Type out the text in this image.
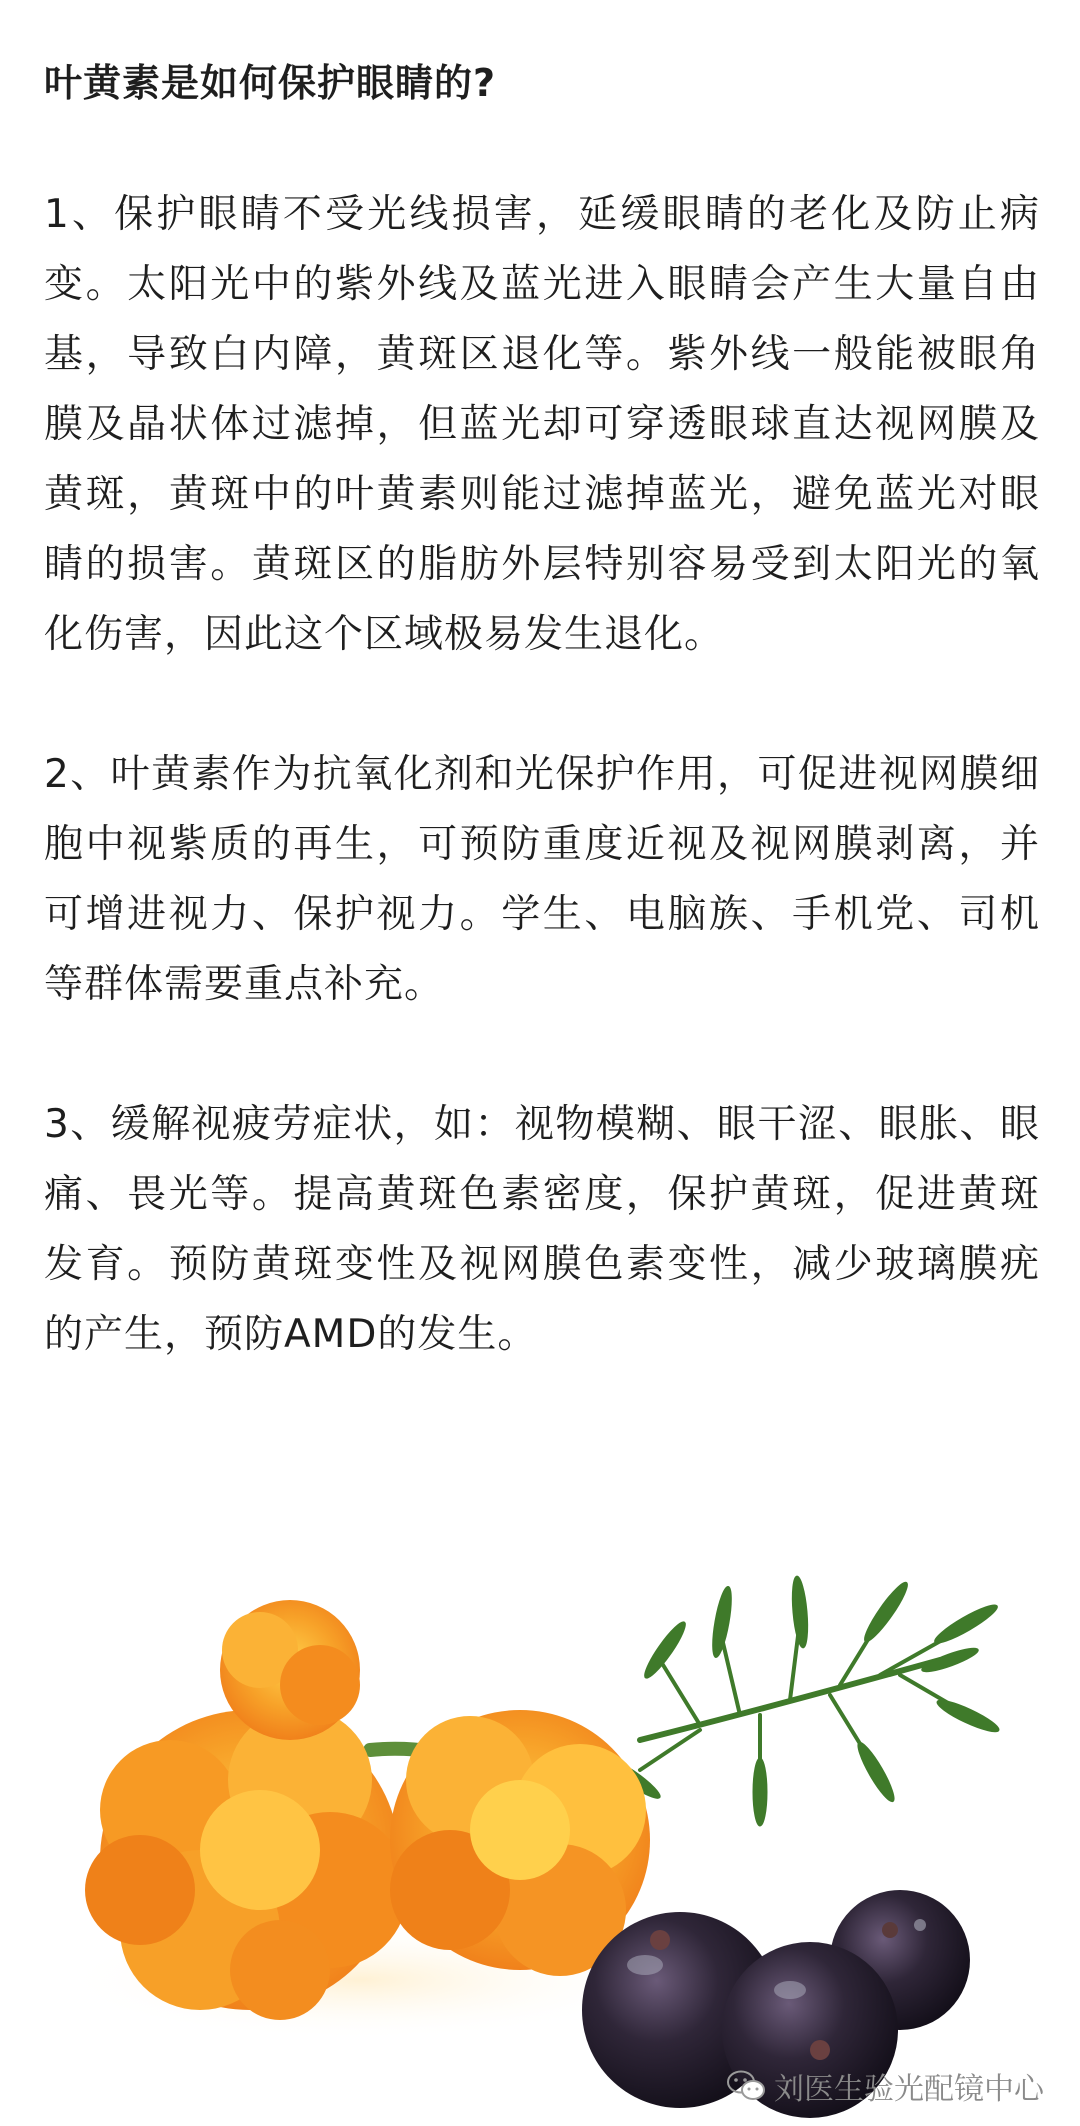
叶黄素是如何保护眼睛的?

1、保护眼睛不受光线损害，延缓眼睛的老化及防止病变。太阳光中的紫外线及蓝光进入眼睛会产生大量自由基，导致白内障，黄斑区退化等。紫外线一般能被眼角膜及晶状体过滤掉，但蓝光却可穿透眼球直达视网膜及黄斑，黄斑中的叶黄素则能过滤掉蓝光，避免蓝光对眼睛的损害。黄斑区的脂肪外层特别容易受到太阳光的氧化伤害，因此这个区域极易发生退化。

2、叶黄素作为抗氧化剂和光保护作用，可促进视网膜细胞中视紫质的再生，可预防重度近视及视网膜剥离，并可增进视力、保护视力。学生、电脑族、手机党、司机等群体需要重点补充。

3、缓解视疲劳症状，如：视物模糊、眼干涩、眼胀、眼痛、畏光等。提高黄斑色素密度，保护黄斑，促进黄斑发育。预防黄斑变性及视网膜色素变性，减少玻璃膜疣的产生，预防AMD的发生。

刘医生验光配镜中心
